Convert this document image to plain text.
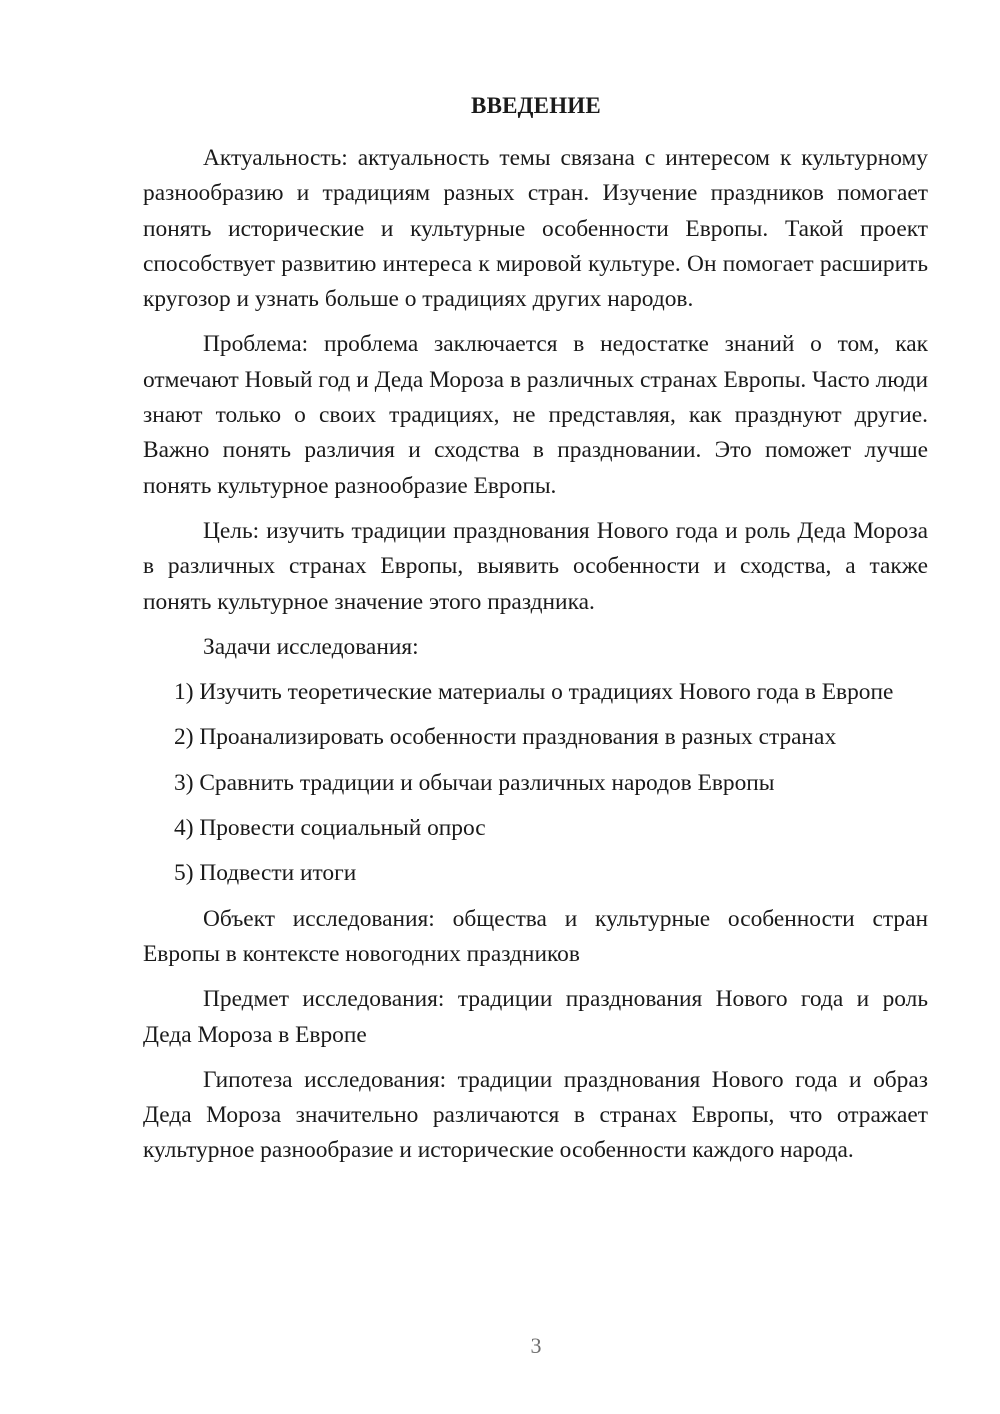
ВВЕДЕНИЕ

Актуальность: актуальность темы связана с интересом к культурному разнообразию и традициям разных стран. Изучение праздников помогает понять исторические и культурные особенности Европы. Такой проект способствует развитию интереса к мировой культуре. Он помогает расширить кругозор и узнать больше о традициях других народов.

Проблема: проблема заключается в недостатке знаний о том, как отмечают Новый год и Деда Мороза в различных странах Европы. Часто люди знают только о своих традициях, не представляя, как празднуют другие. Важно понять различия и сходства в праздновании. Это поможет лучше понять культурное разнообразие Европы.

Цель: изучить традиции празднования Нового года и роль Деда Мороза в различных странах Европы, выявить особенности и сходства, а также понять культурное значение этого праздника.

Задачи исследования:

1) Изучить теоретические материалы о традициях Нового года в Европе

2) Проанализировать особенности празднования в разных странах

3) Сравнить традиции и обычаи различных народов Европы

4) Провести социальный опрос

5) Подвести итоги

Объект исследования: общества и культурные особенности стран Европы в контексте новогодних праздников

Предмет исследования: традиции празднования Нового года и роль Деда Мороза в Европе

Гипотеза исследования: традиции празднования Нового года и образ Деда Мороза значительно различаются в странах Европы, что отражает культурное разнообразие и исторические особенности каждого народа.

3
